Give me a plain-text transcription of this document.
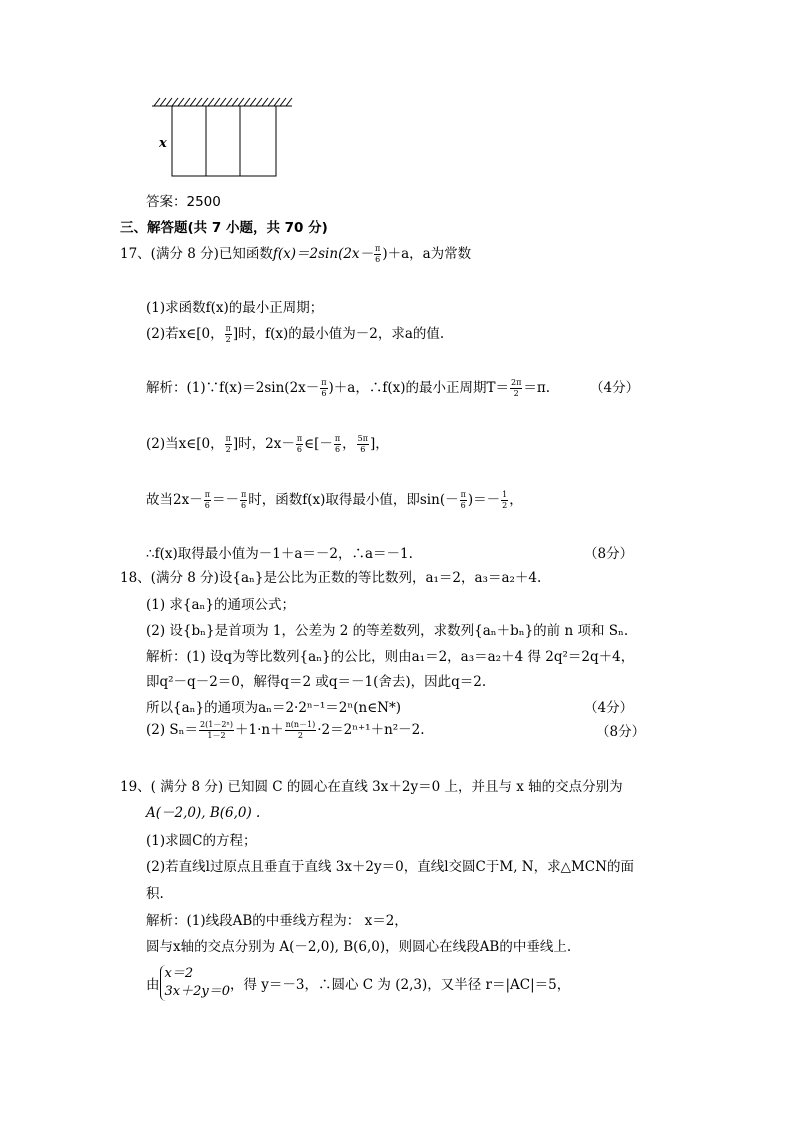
x
答案：2500
三、解答题(共 7 小题，共 70 分)
17、(满分 8 分)已知函数$f(x)=2\sin(2x- \frac{\pi}{6} )+a$，a为常数
(1)求函数f(x)的最小正周期；
(2)若x∈[0， $\frac{\pi}{2}$ ]时，f(x)的最小值为－2，求a的值.
解析：(1)∵f(x)＝2sin(2x－ $\frac{\pi}{6} )+a$，∴f(x)的最小正周期$T= \frac{2\pi}{2} =\pi$.	（4分）
(2)当x∈[0， $\frac{\pi}{2}$ ]时，$2x- \frac{\pi}{6}$ ∈[－ $\frac{\pi}{6}$ ， $\frac{5\pi}{6}$ ]，
故当$2x- \frac{\pi}{6} =- \frac{\pi}{6}$ 时，函数f(x)取得最小值，即$\sin(- \frac{\pi}{6}$ )＝－ $\frac{1}{2}$ ，
∴f(x)取得最小值为－1＋a＝－2，∴a＝－1.	（8分）
18、(满分 8 分)设{aₙ}是公比为正数的等比数列，a₁＝2，a₃＝a₂＋4.
(1) 求{aₙ}的通项公式；
(2) 设{bₙ}是首项为 1，公差为 2 的等差数列，求数列{aₙ＋bₙ}的前 n 项和 Sₙ.
解析：(1) 设q为等比数列{aₙ}的公比，则由a₁＝2，a₃＝a₂＋4 得 2q²＝2q＋4，
即q²－q－2＝0，解得q＝2 或q＝－1(舍去)，因此q＝2.
所以{aₙ}的通项为aₙ＝2·2ⁿ⁻¹＝2ⁿ(n∈N*)	（4分）
(2) $S_n= \frac{\text{2(1－2ⁿ)}}{1-2} +1\cdot n+ \frac{n(n-1)}{2} \cdot 2=2^{n+1}+n^2-2$.	（8分）
19、( 满分 8 分) 已知圆 C 的圆心在直线 3x＋2y＝0 上，并且与 x 轴的交点分别为
A(－2,0), B(6,0) .
(1)求圆C的方程；
(2)若直线l过原点且垂直于直线 3x＋2y＝0，直线l交圆C于M, N，求△MCN的面
积.
解析：(1)线段AB的中垂线方程为： x＝2，
圆与x轴的交点分别为 A(－2,0), B(6,0)，则圆心在线段AB的中垂线上.
由
x＝2
3x＋2y＝0 ，得 y＝－3，∴圆心 C 为 (2,3)，又半径 r＝|AC|＝5，
